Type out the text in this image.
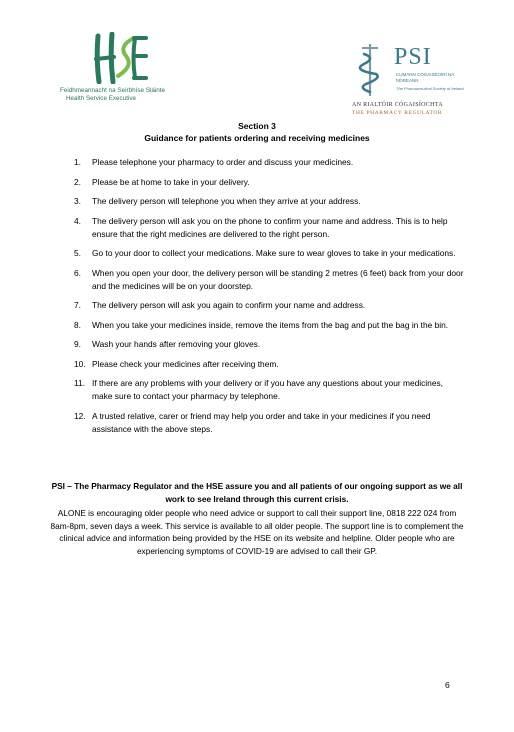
Feidhmeannacht na Seirbhíse Sláinte
Health Service Executive
PSI
CUMANN COGAISEOIRÍ NA hÉIREANN
The Pharmaceutical Society of Ireland
AN RIALTÓIR CÓGAISÍOCHTA
THE PHARMACY REGULATOR
Section 3
Guidance for patients ordering and receiving medicines
1.	Please telephone your pharmacy to order and discuss your medicines.
2.	Please be at home to take in your delivery.
3.	The delivery person will telephone you when they arrive at your address.
4.	The delivery person will ask you on the phone to confirm your name and address. This is to help ensure that the right medicines are delivered to the right person.
5.	Go to your door to collect your medications. Make sure to wear gloves to take in your medications.
6.	When you open your door, the delivery person will be standing 2 metres (6 feet) back from your door and the medicines will be on your doorstep.
7.	The delivery person will ask you again to confirm your name and address.
8.	When you take your medicines inside, remove the items from the bag and put the bag in the bin.
9.	Wash your hands after removing your gloves.
10. Please check your medicines after receiving them.
11. If there are any problems with your delivery or if you have any questions about your medicines, make sure to contact your pharmacy by telephone.
12. A trusted relative, carer or friend may help you order and take in your medicines if you need assistance with the above steps.
PSI – The Pharmacy Regulator and the HSE assure you and all patients of our ongoing support as we all work to see Ireland through this current crisis.
ALONE is encouraging older people who need advice or support to call their support line, 0818 222 024 from 8am-8pm, seven days a week. This service is available to all older people. The support line is to complement the clinical advice and information being provided by the HSE on its website and helpline. Older people who are experiencing symptoms of COVID-19 are advised to call their GP.
6
